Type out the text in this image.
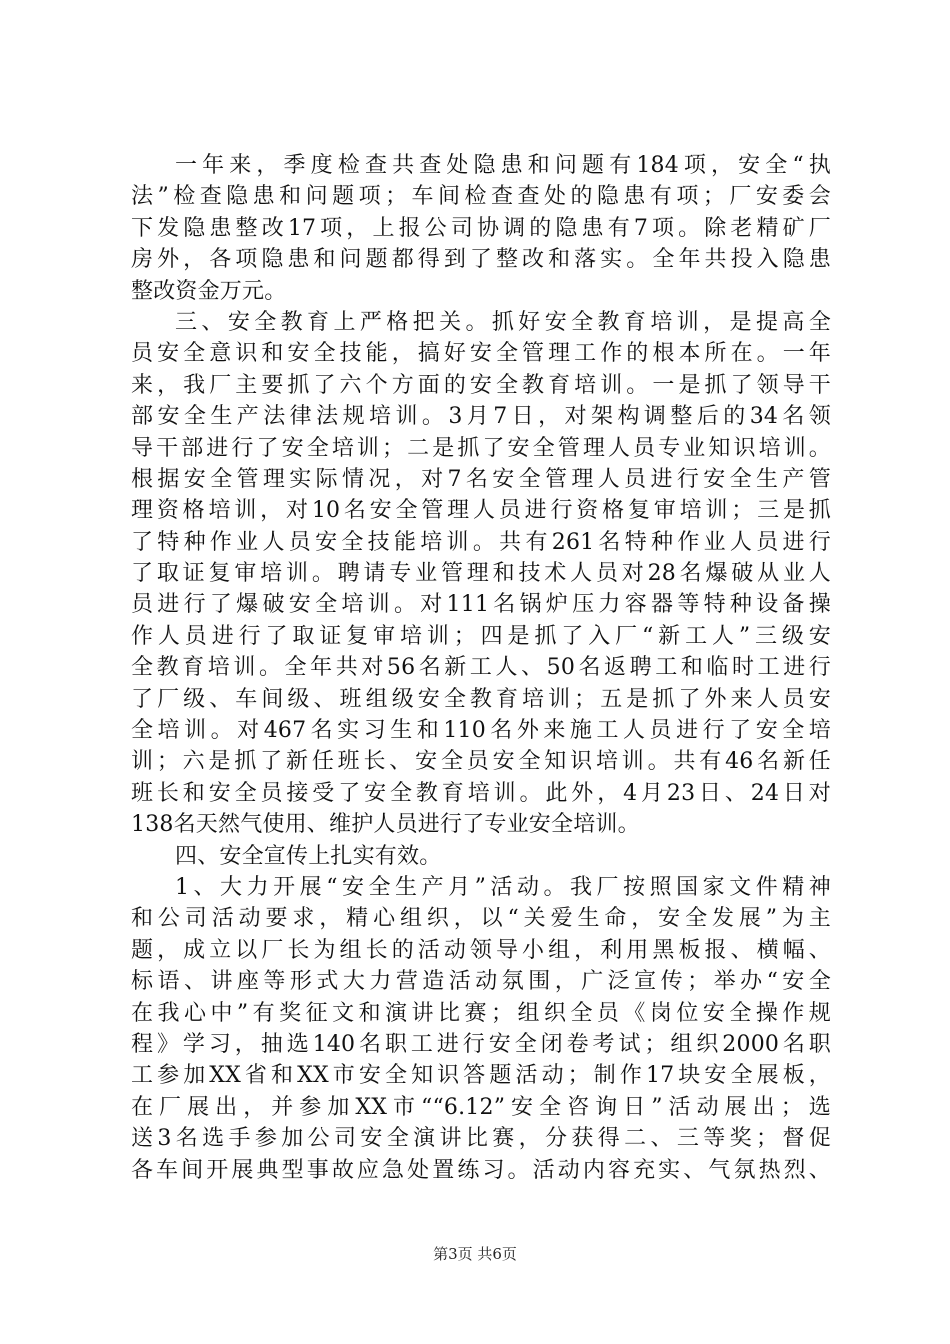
一年来，季度检查共查处隐患和问题有184项，安全“执
法”检查隐患和问题项；车间检查查处的隐患有项；厂安委会
下发隐患整改17项，上报公司协调的隐患有7项。除老精矿厂
房外，各项隐患和问题都得到了整改和落实。全年共投入隐患
整改资金万元。
三、安全教育上严格把关。抓好安全教育培训，是提高全
员安全意识和安全技能，搞好安全管理工作的根本所在。一年
来，我厂主要抓了六个方面的安全教育培训。一是抓了领导干
部安全生产法律法规培训。3月7日，对架构调整后的34名领
导干部进行了安全培训；二是抓了安全管理人员专业知识培训。
根据安全管理实际情况，对7名安全管理人员进行安全生产管
理资格培训，对10名安全管理人员进行资格复审培训；三是抓
了特种作业人员安全技能培训。共有261名特种作业人员进行
了取证复审培训。聘请专业管理和技术人员对28名爆破从业人
员进行了爆破安全培训。对111名锅炉压力容器等特种设备操
作人员进行了取证复审培训；四是抓了入厂“新工人”三级安
全教育培训。全年共对56名新工人、50名返聘工和临时工进行
了厂级、车间级、班组级安全教育培训；五是抓了外来人员安
全培训。对467名实习生和110名外来施工人员进行了安全培
训；六是抓了新任班长、安全员安全知识培训。共有46名新任
班长和安全员接受了安全教育培训。此外，4月23日、24日对
138名天然气使用、维护人员进行了专业安全培训。
四、安全宣传上扎实有效。
1、大力开展“安全生产月”活动。我厂按照国家文件精神
和公司活动要求，精心组织，以“关爱生命，安全发展”为主
题，成立以厂长为组长的活动领导小组，利用黑板报、横幅、
标语、讲座等形式大力营造活动氛围，广泛宣传；举办“安全
在我心中”有奖征文和演讲比赛；组织全员《岗位安全操作规
程》学习，抽选140名职工进行安全闭卷考试；组织2000名职
工参加XX省和XX市安全知识答题活动；制作17块安全展板，
在厂展出，并参加XX市““6.12”安全咨询日”活动展出；选
送3名选手参加公司安全演讲比赛，分获得二、三等奖；督促
各车间开展典型事故应急处置练习。活动内容充实、气氛热烈、
第3页 共6页
